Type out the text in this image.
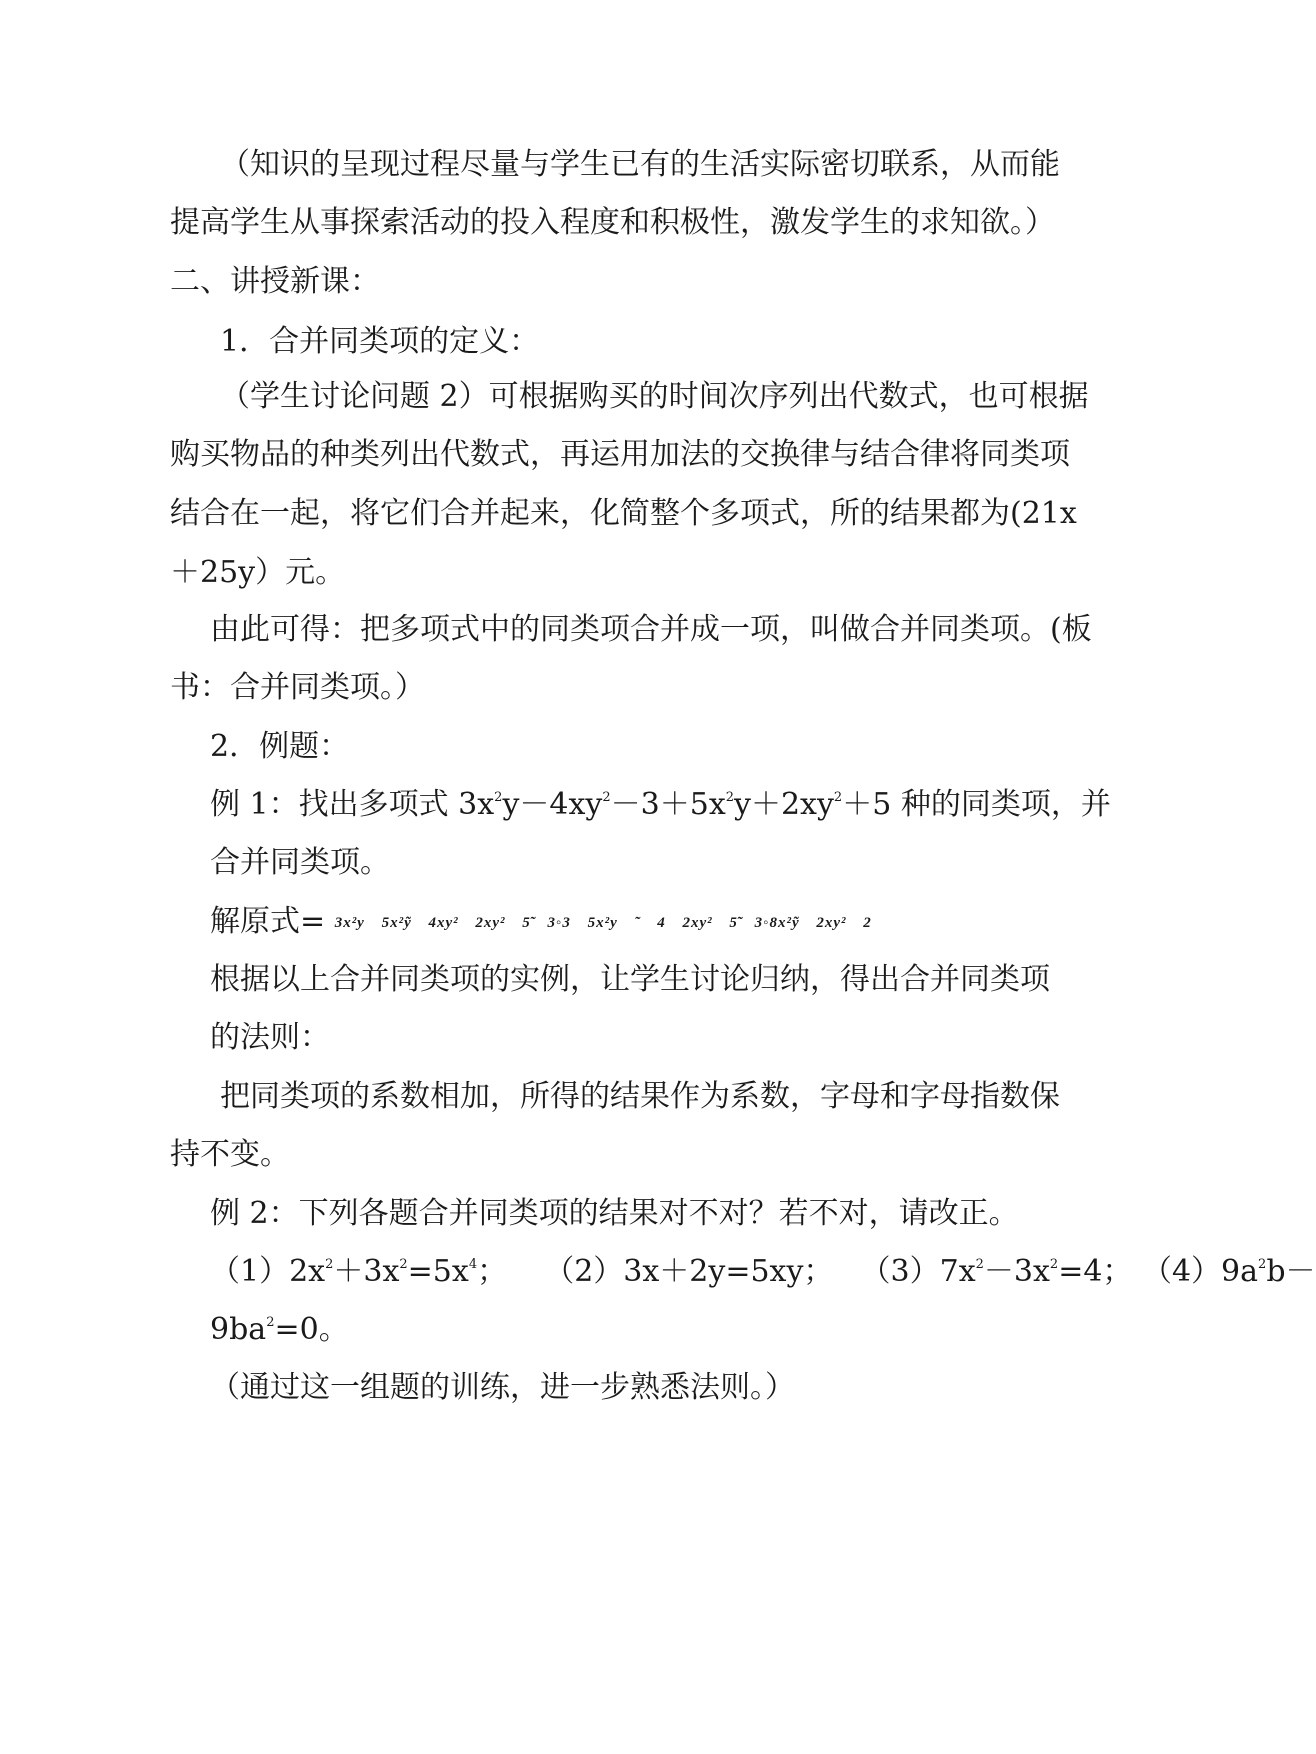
（知识的呈现过程尽量与学生已有的生活实际密切联系，从而能
提高学生从事探索活动的投入程度和积极性，激发学生的求知欲。）
二、讲授新课：
1．合并同类项的定义：
（学生讨论问题 2）可根据购买的时间次序列出代数式，也可根据
购买物品的种类列出代数式，再运用加法的交换律与结合律将同类项
结合在一起，将它们合并起来，化简整个多项式，所的结果都为(21x
＋25y）元。
由此可得：把多项式中的同类项合并成一项，叫做合并同类项。(板
书：合并同类项。）
2．例题：
例 1：找出多项式 $3x^2y-4xy^2-3+5x^2y+2xy^2+5$ 种的同类项，并
合并同类项。
解原式= 3x²y 5x²ỹ 4xy² 2xy² 5̃ 3◦3 5x²y ˜ 4 2xy² 5̃ 3◦8x²ỹ 2xy² 2
根据以上合并同类项的实例，让学生讨论归纳，得出合并同类项
的法则：
把同类项的系数相加，所得的结果作为系数，字母和字母指数保
持不变。
例 2：下列各题合并同类项的结果对不对？若不对，请改正。
$(1)2x^2+3x^2=5x^4$； （2）3x＋2y=5xy； $(3)7x^2-3x^2=4$； $(4)9a^2b-$
$9ba^2=0$。
（通过这一组题的训练，进一步熟悉法则。）
